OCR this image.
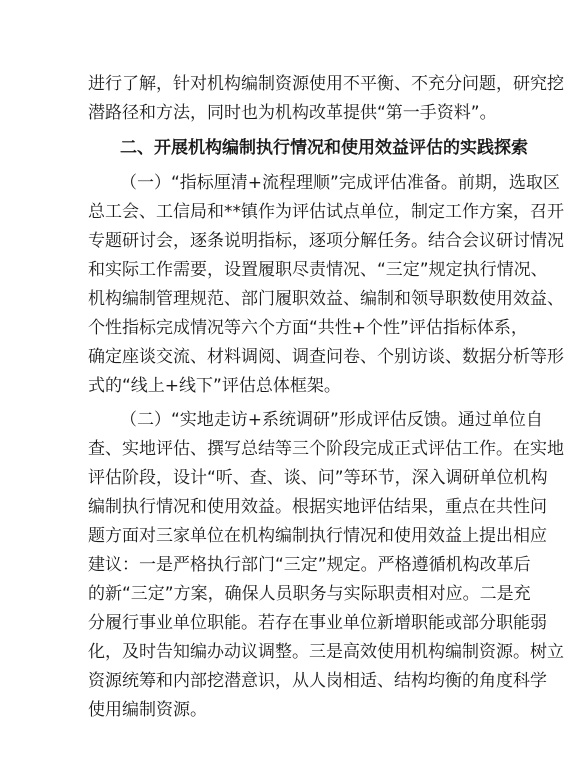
进行了解，针对机构编制资源使用不平衡、不充分问题，研究挖
潜路径和方法，同时也为机构改革提供“第一手资料”。
二、开展机构编制执行情况和使用效益评估的实践探索
（一）“指标厘清+流程理顺”完成评估准备。前期，选取区
总工会、工信局和**镇作为评估试点单位，制定工作方案，召开
专题研讨会，逐条说明指标，逐项分解任务。结合会议研讨情况
和实际工作需要，设置履职尽责情况、“三定”规定执行情况、
机构编制管理规范、部门履职效益、编制和领导职数使用效益、
个性指标完成情况等六个方面“共性+个性”评估指标体系，
确定座谈交流、材料调阅、调查问卷、个别访谈、数据分析等形
式的“线上+线下”评估总体框架。
（二）“实地走访+系统调研”形成评估反馈。通过单位自
查、实地评估、撰写总结等三个阶段完成正式评估工作。在实地
评估阶段，设计“听、查、谈、问”等环节，深入调研单位机构
编制执行情况和使用效益。根据实地评估结果，重点在共性问
题方面对三家单位在机构编制执行情况和使用效益上提出相应
建议：一是严格执行部门“三定”规定。严格遵循机构改革后
的新“三定”方案，确保人员职务与实际职责相对应。二是充
分履行事业单位职能。若存在事业单位新增职能或部分职能弱
化，及时告知编办动议调整。三是高效使用机构编制资源。树立
资源统筹和内部挖潜意识，从人岗相适、结构均衡的角度科学
使用编制资源。
